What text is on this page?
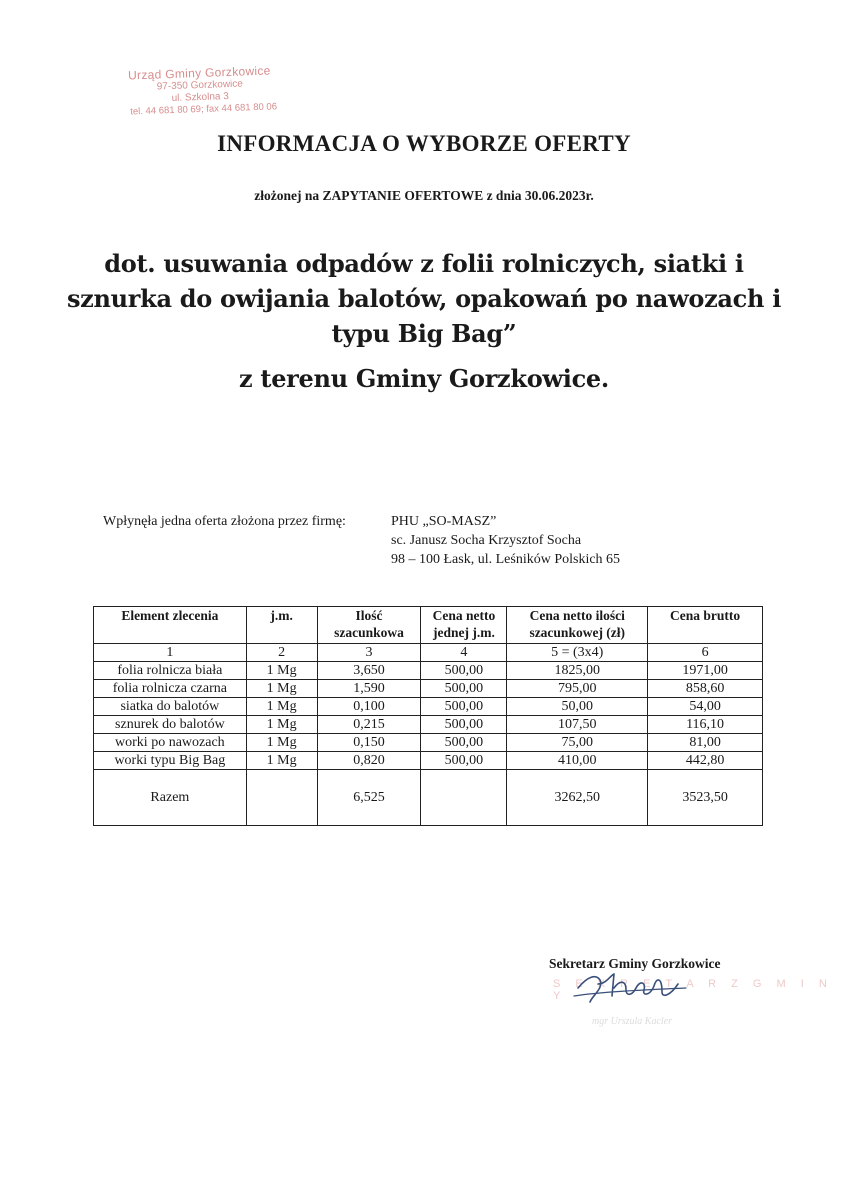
Urząd Gminy Gorzkowice
97-350 Gorzkowice
ul. Szkolna 3
tel. 44 681 80 69; fax 44 681 80 06
INFORMACJA O WYBORZE OFERTY
złożonej na ZAPYTANIE OFERTOWE z dnia 30.06.2023r.
dot. usuwania odpadów z folii rolniczych, siatki i sznurka do owijania balotów, opakowań po nawozach i typu Big Bag”
z terenu Gminy Gorzkowice.
Wpłynęła jedna oferta złożona przez firmę:	PHU „SO-MASZ”
sc. Janusz Socha Krzysztof Socha
98 – 100 Łask, ul. Leśników Polskich 65
Element zlecenia	j.m.	Ilość szacunkowa	Cena netto jednej j.m.	Cena netto ilości szacunkowej (zł)	Cena brutto
1	2	3	4	5 = (3x4)	6
folia rolnicza biała	1 Mg	3,650	500,00	1825,00	1971,00
folia rolnicza czarna	1 Mg	1,590	500,00	795,00	858,60
siatka do balotów	1 Mg	0,100	500,00	50,00	54,00
sznurek do balotów	1 Mg	0,215	500,00	107,50	116,10
worki po nawozach	1 Mg	0,150	500,00	75,00	81,00
worki typu Big Bag	1 Mg	0,820	500,00	410,00	442,80
Razem		6,525		3262,50	3523,50
S E K R E T A R Z G M I N Y
Sekretarz Gminy Gorzkowice
mgr Urszula Kacler
